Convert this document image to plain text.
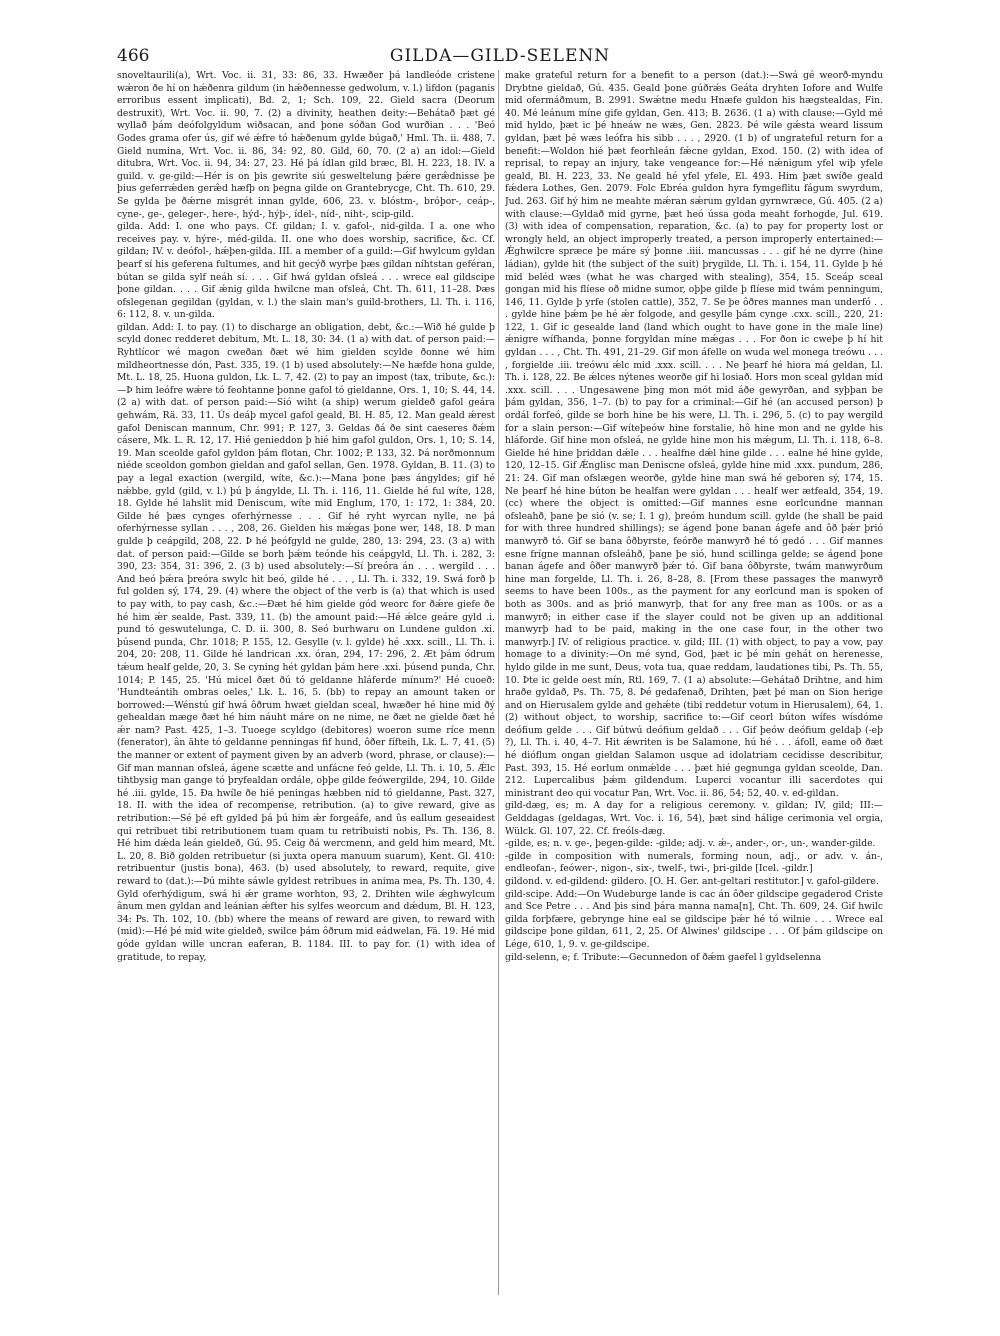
466	GILDA—GILD-SELENN

snoveltaurili(a), Wrt. Voc. ii. 31, 33: 86, 33. Hwæðer þá landleóde cristene wǽron ðe hí on hǽðenra gildum (in hǽðennesse gedwolum, v. l.) lifdon (paganis erroribus essent implicati), Bd. 2, 1; Sch. 109, 22. Gield sacra (Deorum destruxit), Wrt. Voc. ii. 90, 7. (2) a divinity, heathen deity:—Behátað þæt gé wyllað þám deófolgyldum wiðsacan, and þone sóðan God wurðian . . . 'Beó Godes grama ofer ús, gif wé ǽfre tó hǽðenum gylde búgað,' Hml. Th. ii. 488, 7. Gield numina, Wrt. Voc. ii. 86, 34: 92, 80. Gild, 60, 70. (2 a) an idol:—Gield ditubra, Wrt. Voc. ii. 94, 34: 27, 23. Hé þá ídlan gild bræc, Bl. H. 223, 18. IV. a guild. v. ge-gild:—Hér is on þis gewrite siú gesweltelung þǽre geræ̂dnisse þe þius geferrǽden geræ̂d hæfþ on þegna gilde on Grantebrycge, Cht. Th. 610, 29. Se gylda þe ðǽrne misgrét innan gylde, 606, 23. v. blóstm-, bróþor-, ceáp-, cyne-, ge-, geleger-, here-, hýd-, hýþ-, ídel-, níd-, niht-, scip-gild.

gilda. Add: I. one who pays. Cf. gildan; I. v. gafol-, nid-gilda. I a. one who receives pay. v. hýre-, méd-gilda. II. one who does worship, sacrifice, &c. Cf. gildan; IV. v. deófol-, hǽþen-gilda. III. a member of a guild:—Gif hwylcum gyldan þearf sí his geferena fultumes, and hit gecýð wyrþe þæs gildan níhtstan geféran, bútan se gilda sylf neáh sí. . . . Gif hwá gyldan ofsleá . . . wrece eal gildscipe þone gildan. . . . Gif ǽnig gilda hwilcne man ofsleá, Cht. Th. 611, 11–28. Þæs ofslegenan gegildan (gyldan, v. l.) the slain man's guild-brothers, Ll. Th. i. 116, 6: 112, 8. v. un-gilda.

gildan. Add: I. to pay. (1) to discharge an obligation, debt, &c.:—Wið hé gulde þ scyld donec redderet debitum, Mt. L. 18, 30: 34. (1 a) with dat. of person paid:—Ryhtlícor wé magon cweðan ðæt wé him gielden scylde ðonne wé him mildheortnesse dón, Past. 335, 19. (1 b) used absolutely:—Ne hæfde hona gulde, Mt. L. 18, 25. Huona guldon, Lk. L. 7, 42. (2) to pay an impost (tax, tribute, &c.):—Þ him leófre wǽre tó feohtanne þonne gafol tó gieldanne, Ors. 1, 10; S. 44, 14. (2 a) with dat. of person paid:—Sió wiht (a ship) werum gieldeð gafol geára gehwám, Rä. 33, 11. Ús deáþ mycel gafol geald, Bl. H. 85, 12. Man geald ǽrest gafol Deniscan mannum, Chr. 991; P. 127, 3. Geldas ðá ðe sint caeseres ðǽm cásere, Mk. L. R. 12, 17. Hié genieddon þ hié him gafol guldon, Ors. 1, 10; S. 14, 19. Man sceolde gafol gyldon þám flotan, Chr. 1002; P. 133, 32. Þá norðmonnum niéde sceoldon gombon gieldan and gafol sellan, Gen. 1978. Gyldan, B. 11. (3) to pay a legal exaction (wergild, wíte, &c.):—Mana þone þæs ángyldes; gif hé nǽbbe, gyld (gild, v. l.) þú þ ángylde, Ll. Th. i. 116, 11. Gielde hé ful wíte, 128, 18. Gylde hé lahslit mid Deniscum, wíte mid Englum, 170, 1: 172, 1: 384, 20. Gilde hé þæs cynges oferhýrnesse . . . Gif hé ryht wyrcan nylle, ne þá oferhýrnesse syllan . . . , 208, 26. Gielden his mǽgas þone wer, 148, 18. Þ man gulde þ ceápgild, 208, 22. Þ hé þeófgyld ne gulde, 280, 13: 294, 23. (3 a) with dat. of person paid:—Gilde se borh þǽm teónde his ceápgyld, Ll. Th. i. 282, 3: 390, 23: 354, 31: 396, 2. (3 b) used absolutely:—Sí þreóra án . . . wergild . . . And beó þǽra þreóra swylc hit beó, gilde hé . . . , Ll. Th. i. 332, 19. Swá forð þ ful golden sý, 174, 29. (4) where the object of the verb is (a) that which is used to pay with, to pay cash, &c.:—Ðæt hé him gielde gód weorc for ðǽre giefe ðe hé him ǽr sealde, Past. 339, 11. (b) the amount paid:—Hé ǽlce geáre gyld .i. pund tó geswutelunga, C. D. ii. 300, 8. Seó burhwaru on Lundene guldon .xi. þúsend punda, Chr. 1018; P. 155, 12. Gesylle (v. l. gylde) hé .xxx. scill., Ll. Th. i. 204, 20: 208, 11. Gilde hé landrican .xx. óran, 294, 17: 296, 2. Æt þám ódrum tǽum healf gelde, 20, 3. Se cyning hét gyldan þám here .xxi. þúsend punda, Chr. 1014; P. 145, 25. 'Hú micel ðæt ðú tó geldanne hláferde mínum?' Hé cuoeð: 'Hundteántih ombras oeles,' Lk. L. 16, 5. (bb) to repay an amount taken or borrowed:—Wénstú gif hwá ôðrum hwæt gieldan sceal, hwæðer hé hine mid ðý gehealdan mæge ðæt hé him náuht máre on ne nime, ne ðæt ne gielde ðæt hé ǽr nam? Past. 425, 1–3. Tuoege scyldgo (debitores) woeron sume ríce menn (fenerator), ân ähte tó geldanne penningas fif hund, ôðer fífteih, Lk. L. 7, 41. (5) the manner or extent of payment given by an adverb (word, phrase, or clause):—Gif man mannan ofsleá, ágene scætte and unfácne feó gelde, Ll. Th. i. 10, 5. Ǽlc tihtbysig man gange tó þryfealdan ordále, oþþe gilde feówergilde, 294, 10. Gilde hé .iii. gylde, 15. Ða hwíle ðe hié peningas hæbben níd tó gieldanne, Past. 327, 18. II. with the idea of recompense, retribution. (a) to give reward, give as retribution:—Sé þé eft gylded þá þú him ǽr forgeáfe, and ûs eallum geseaidest qui retribuet tibi retributionem tuam quam tu retribuisti nobis, Ps. Th. 136, 8. Hé him dǽda leán gieldeð, Gú. 95. Ceig ðá wercmenn, and geld him meard, Mt. L. 20, 8. Bið golden retribuetur (si juxta opera manuum suarum), Kent. Gl. 410: retribuentur (justis bona), 463. (b) used absolutely, to reward, requite, give reward to (dat.):—Þú mihte sáwle gyldest retribues in anima mea, Ps. Th. 130, 4. Gyld oferhýdigum, swá hi ǽr grame worhton, 93, 2. Drihten wile ǽghwylcum ânum men gyldan and leánian ǽfter his sylfes weorcum and dǽdum, Bl. H. 123, 34: Ps. Th. 102, 10. (bb) where the means of reward are given, to reward with (mid):—Hé þé mid wite gieldeð, swilce þám ôðrum mid eádwelan, Fä. 19. Hé mid góde gyldan wille uncran eaferan, B. 1184. III. to pay for. (1) with idea of gratitude, to repay,

make grateful return for a benefit to a person (dat.):—Swá gé weorð-myndu Drybtne gieldað, Gú. 435. Geald þone gúðrǽs Geáta dryhten Iofore and Wulfe mid ofermáðmum, B. 2991. Swǽtne medu Hnæfe guldon his hægstealdas, Fin. 40. Mé leánum míne gife gyldan, Gen. 413; B. 2636. (1 a) with clause:—Gyld mé mid hyldo, þæt ic þé hneáw ne wæs, Gen. 2823. Þé wile gǽsta weard lissum gyldan, þæt þé wæs leófra his sibb . . . , 2920. (1 b) of ungrateful return for a benefit:—Woldon hié þæt feorhleán fǽcne gyldan, Exod. 150. (2) with idea of reprisal, to repay an injury, take vengeance for:—Hé nǽnigum yfel wiþ yfele geald, Bl. H. 223, 33. Ne geald hé yfel yfele, El. 493. Him þæt swíðe geald fǽdera Lothes, Gen. 2079. Folc Ebréa guldon hyra fymgeflitu fágum swyrdum, Jud. 263. Gif hý him ne meahte mǽran sǽrum gyldan gyrnwræce, Gú. 405. (2 a) with clause:—Gyldað mid gyrne, þæt heó ússa goda meaht forhogde, Jul. 619. (3) with idea of compensation, reparation, &c. (a) to pay for property lost or wrongly held, an object improperly treated, a person improperly entertained:—Ǽghwilcre spræce þe máre sý þonne .iiii. mancussas . . . gif hé ne dyrre (hine ládian), gylde hit (the subject of the suit) þrygilde, Ll. Th. i. 154, 11. Gylde þ hé mid beléd wæs (what he was charged with stealing), 354, 15. Sceáp sceal gongan mid his flíese oð midne sumor, oþþe gilde þ flíese mid twám penningum, 146, 11. Gylde þ yrfe (stolen cattle), 352, 7. Se þe ôðres mannes man underfó . . . gylde hine þǽm þe hé ǽr folgode, and gesylle þám cynge .cxx. scill., 220, 21: 122, 1. Gif ic gesealde land (land which ought to have gone in the male line) ǽnigre wífhanda, þonne forgyldan míne mǽgas . . . For ðon ic cweþe þ hí hit gyldan . . . , Cht. Th. 491, 21–29. Gif mon áfelle on wuda wel monega treówu . . . , forgielde .iii. treówu ǽlc mid .xxx. scill. . . . Ne þearf hé hiora má geldan, Ll. Th. i. 128, 22. Be ǽlces nýtenes weorðe gif hi losiað. Hors mon sceal gyldan mid .xxx. scill. . . . Ungesawene þing mon mót mid áðe gewyrðan, and syþþan be þám gyldan, 356, 1–7. (b) to pay for a criminal:—Gif hé (an accused person) þ ordál forfeó, gilde se borh hine be his were, Ll. Th. i. 296, 5. (c) to pay wergild for a slain person:—Gif wítеþeów hine forstalie, hô hine mon and ne gylde his hláforde. Gif hine mon ofsleá, ne gylde hine mon his mǽgum, Ll. Th. i. 118, 6–8. Gielde hé hine þriddan dǽle . . . healfne dǽl hine gilde . . . ealne hé hine gylde, 120, 12–15. Gif Ǽnglisc man Deniscne ofsleá, gylde hine mid .xxx. pundum, 286, 21: 24. Gif man ofslægen weorðe, gylde hine man swá hé geboren sý, 174, 15. Ne þearf hé hine búton be healfan were gyldan . . . healf wer ætfeald, 354, 19. (cc) where the object is omitted:—Gif mannes esne eorlcundne mannan ofsleahð, þane þe sió (v. se; I. 1 g), þreóm hundum scill. gylde (he shall be paid for with three hundred shillings); se ágend þone banan ágefe and ôð þǽr þrió manwyrð tó. Gif se bana ôðbyrste, feórðe manwyrð hé tó gedó . . . Gif mannes esne frígne mannan ofsleáhð, þane þe sió, hund scillinga gelde; se ágend þone banan ágefe and ôðer manwyrð þǽr tó. Gif bana ôðbyrste, twám manwyrðum hine man forgelde, Ll. Th. i. 26, 8–28, 8. [From these passages the manwyrð seems to have been 100s., as the payment for any eorlcund man is spoken of both as 300s. and as þrió manwyrþ, that for any free man as 100s. or as a manwyrð; in either case if the slayer could not be given up an additional manwyrþ had to be paid, making in the one case four, in the other two manwyrþ.] IV. of religious practice. v. gild; III. (1) with object, to pay a vow, pay homage to a divinity:—On mé synd, God, þæt ic þé mín gehát on herenesse, hyldo gilde in me sunt, Deus, vota tua, quae reddam, laudationes tibi, Ps. Th. 55, 10. Þte ic gelde oest mín, Rtl. 169, 7. (1 a) absolute:—Gehátað Drihtne, and him hraðe gyldað, Ps. Th. 75, 8. Þé gedafenað, Drihten, þæt þé man on Sion herige and on Hierusalem gylde and gehǽte (tibi reddetur votum in Hierusalem), 64, 1. (2) without object, to worship, sacrifice to:—Gif ceorl búton wífes wísdóme deófium gelde . . . Gif bútwú deófium geldað . . . Gif þeów deófium geldaþ (-eþ ?), Ll. Th. i. 40, 4–7. Hit ǽwriten is be Salamone, hú hé . . . áfoll, eame oð ðæt hé dióflum ongan gieldan Salamon usque ad idolatriam cecidisse describitur, Past. 393, 15. Hé eorlum onmǽlde . . . þæt hié gegnunga gyldan sceolde, Dan. 212. Lupercalibus þǽm gildendum. Luperci vocantur illi sacerdotes qui ministrant deo qui vocatur Pan, Wrt. Voc. ii. 86, 54; 52, 40. v. ed-gildan.

gild-dæg, es; m. A day for a religious ceremony. v. gildan; IV, gild; III:—Gelddagas (geldagas, Wrt. Voc. i. 16, 54), þæt sind hálige cerimonia vel orgia, Wülck. Gl. 107, 22. Cf. freóls-dæg.

-gilde, es; n. v. ge-, þegen-gilde: -gilde; adj. v. ǽ-, ander-, or-, un-, wander-gilde.

-gilde in composition with numerals, forming noun, adj., or adv. v. án-, endleofan-, feówer-, nigon-, six-, twelf-, twi-, þri-gilde [Icel. -gildr.]

gildond. v. ed-gildend: gildero. [O. H. Ger. ant-geltari restitutor.] v. gafol-gildere.

gild-scipe. Add:—On Wudeburge lande is cac án ôðer gildscipe gegaderod Criste and Sce Petre . . . And þis sind þára manna nama[n], Cht. Th. 609, 24. Gif hwilc gilda forþfære, gebrynge hine eal se gildscipe þǽr hé tó wilnie . . . Wrece eal gildscipe þone gildan, 611, 2, 25. Of Alwines' gildscipe . . . Of þám gildscipe on Lége, 610, 1, 9. v. ge-gildscipe.

gild-selenn, e; f. Tribute:—Gecunnedon of ðǽm gaefel l gyldselenna
